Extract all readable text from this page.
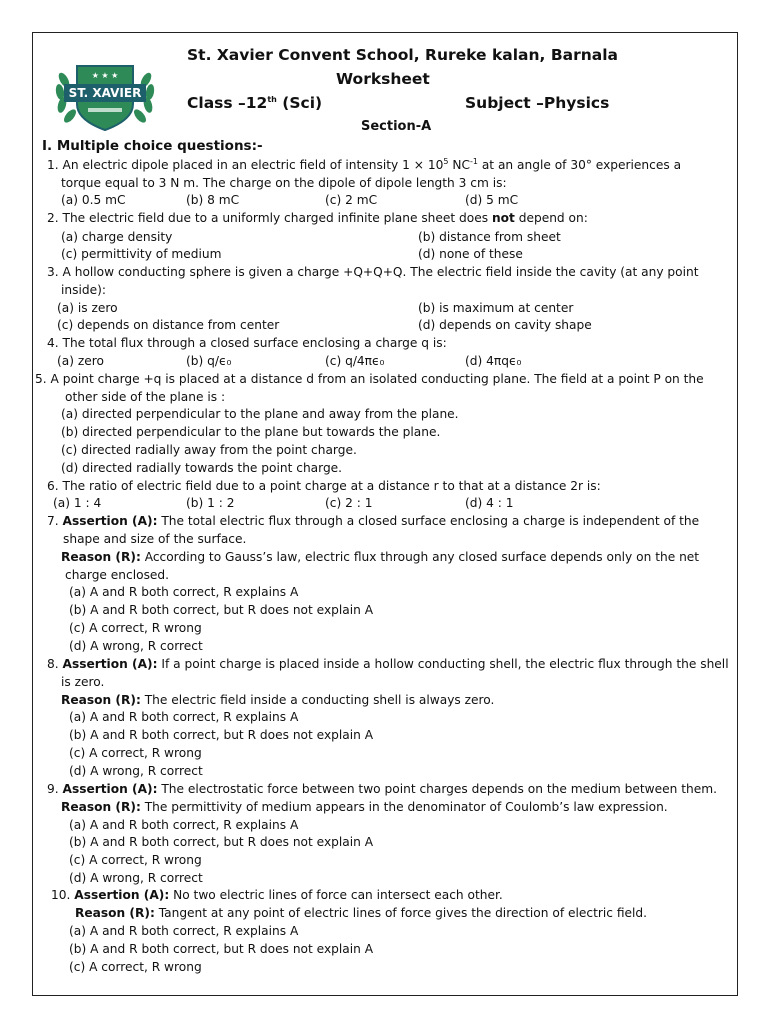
★ ★ ★
ST. XAVIER
St. Xavier Convent School, Rureke kalan, Barnala
Worksheet
Class –12th (Sci)	Subject –Physics
Section-A
I. Multiple choice questions:-
1. An electric dipole placed in an electric field of intensity $1 \times 10^5$ $NC^{-1}$ at an angle of 30° experiences a
torque equal to 3 N m. The charge on the dipole of dipole length 3 cm is:
(a) 0.5 mC	(b) 8 mC	(c) 2 mC	(d) 5 mC
2. The electric field due to a uniformly charged infinite plane sheet does not depend on:
(a) charge density	(b) distance from sheet
(c) permittivity of medium	(d) none of these
3. A hollow conducting sphere is given a charge +Q+Q+Q. The electric field inside the cavity (at any point
inside):
(a) is zero	(b) is maximum at center
(c) depends on distance from center	(d) depends on cavity shape
4. The total flux through a closed surface enclosing a charge q is:
(a) zero	(b) q/ϵ₀	(c) q/4πϵ₀	(d) 4πqϵ₀
5. A point charge +q is placed at a distance d from an isolated conducting plane. The field at a point P on the
other side of the plane is :
(a) directed perpendicular to the plane and away from the plane.
(b) directed perpendicular to the plane but towards the plane.
(c) directed radially away from the point charge.
(d) directed radially towards the point charge.
6. The ratio of electric field due to a point charge at a distance r to that at a distance 2r is:
(a) 1 : 4	(b) 1 : 2	(c) 2 : 1	(d) 4 : 1
7. Assertion (A): The total electric flux through a closed surface enclosing a charge is independent of the
shape and size of the surface.
Reason (R): According to Gauss’s law, electric flux through any closed surface depends only on the net
charge enclosed.
(a) A and R both correct, R explains A
(b) A and R both correct, but R does not explain A
(c) A correct, R wrong
(d) A wrong, R correct
8. Assertion (A): If a point charge is placed inside a hollow conducting shell, the electric flux through the shell
is zero.
Reason (R): The electric field inside a conducting shell is always zero.
(a) A and R both correct, R explains A
(b) A and R both correct, but R does not explain A
(c) A correct, R wrong
(d) A wrong, R correct
9. Assertion (A): The electrostatic force between two point charges depends on the medium between them.
Reason (R): The permittivity of medium appears in the denominator of Coulomb’s law expression.
(a) A and R both correct, R explains A
(b) A and R both correct, but R does not explain A
(c) A correct, R wrong
(d) A wrong, R correct
10. Assertion (A): No two electric lines of force can intersect each other.
Reason (R): Tangent at any point of electric lines of force gives the direction of electric field.
(a) A and R both correct, R explains A
(b) A and R both correct, but R does not explain A
(c) A correct, R wrong
